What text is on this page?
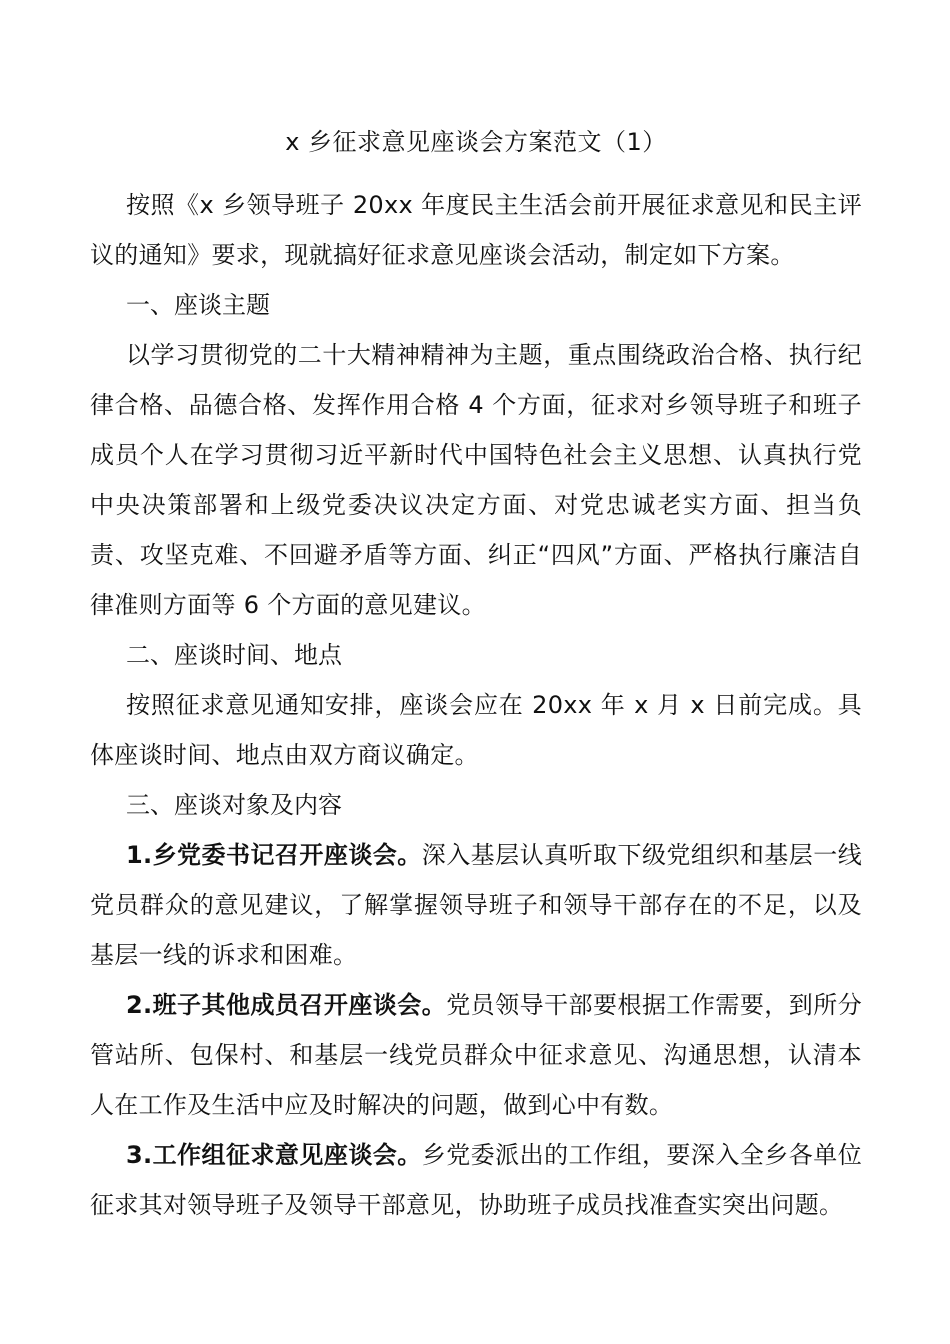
x 乡征求意见座谈会方案范文（1）

按照《x 乡领导班子 20xx 年度民主生活会前开展征求意见和民主评议的通知》要求，现就搞好征求意见座谈会活动，制定如下方案。

一、座谈主题

以学习贯彻党的二十大精神精神为主题，重点围绕政治合格、执行纪律合格、品德合格、发挥作用合格 4 个方面，征求对乡领导班子和班子成员个人在学习贯彻习近平新时代中国特色社会主义思想、认真执行党中央决策部署和上级党委决议决定方面、对党忠诚老实方面、担当负责、攻坚克难、不回避矛盾等方面、纠正“四风”方面、严格执行廉洁自律准则方面等 6 个方面的意见建议。

二、座谈时间、地点

按照征求意见通知安排，座谈会应在 20xx 年 x 月 x 日前完成。具体座谈时间、地点由双方商议确定。

三、座谈对象及内容

1.乡党委书记召开座谈会。深入基层认真听取下级党组织和基层一线党员群众的意见建议，了解掌握领导班子和领导干部存在的不足，以及基层一线的诉求和困难。

2.班子其他成员召开座谈会。党员领导干部要根据工作需要，到所分管站所、包保村、和基层一线党员群众中征求意见、沟通思想，认清本人在工作及生活中应及时解决的问题，做到心中有数。

3.工作组征求意见座谈会。乡党委派出的工作组，要深入全乡各单位征求其对领导班子及领导干部意见，协助班子成员找准查实突出问题。
